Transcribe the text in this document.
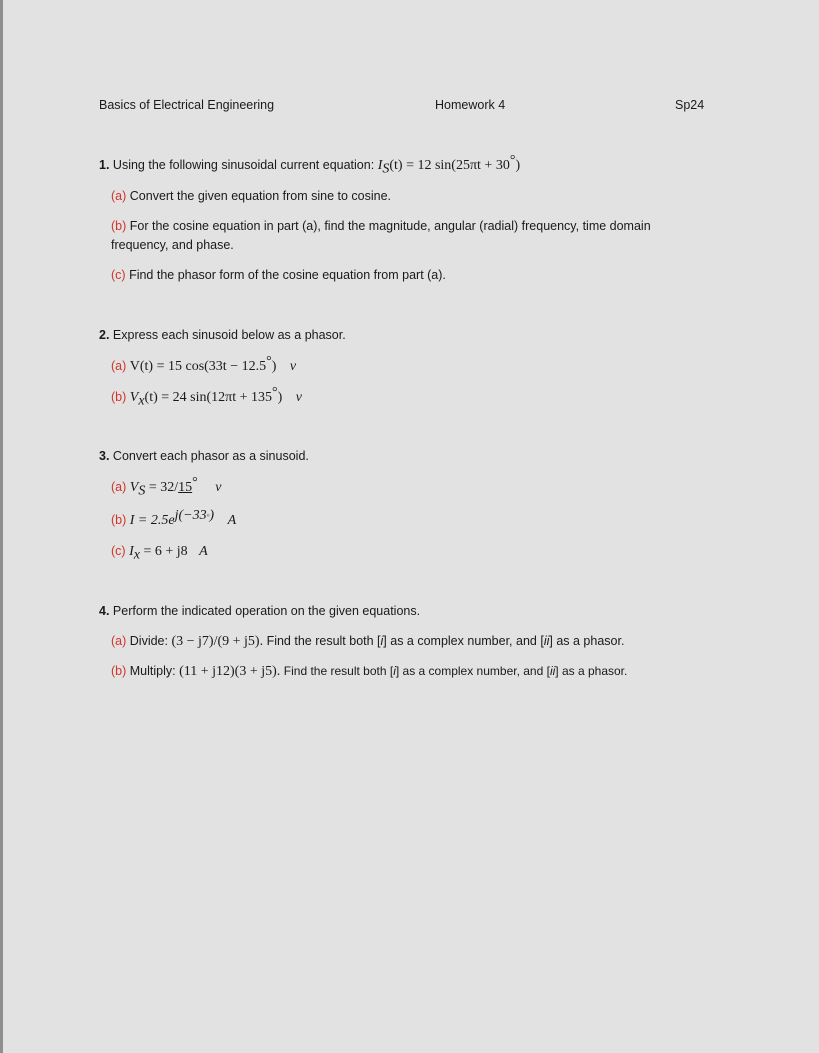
Basics of Electrical Engineering	Homework 4	Sp24
1. Using the following sinusoidal current equation: $I_S(t) = 12$ sin(25πt + 30°)
(a) Convert the given equation from sine to cosine.
(b) For the cosine equation in part (a), find the magnitude, angular (radial) frequency, time domain
frequency, and phase.
(c) Find the phasor form of the cosine equation from part (a).
2. Express each sinusoid below as a phasor.
(a) V(t) = 15 cos(33t − 12.5°) v
(b) $V_x(t) = 24$ sin(12πt + 135°) v
3. Convert each phasor as a sinusoid.
(a) $V_S = 32/15^\circ$ v
(b) $I = 2.5e^{j(-33^\circ)}$ A
(c) $I_x = 6 + j8$ A
4. Perform the indicated operation on the given equations.
(a) Divide: (3 − j7)/(9 + j5). Find the result both [i] as a complex number, and [ii] as a phasor.
(b) Multiply: (11 + j12)(3 + j5). Find the result both [i] as a complex number, and [ii] as a phasor.
